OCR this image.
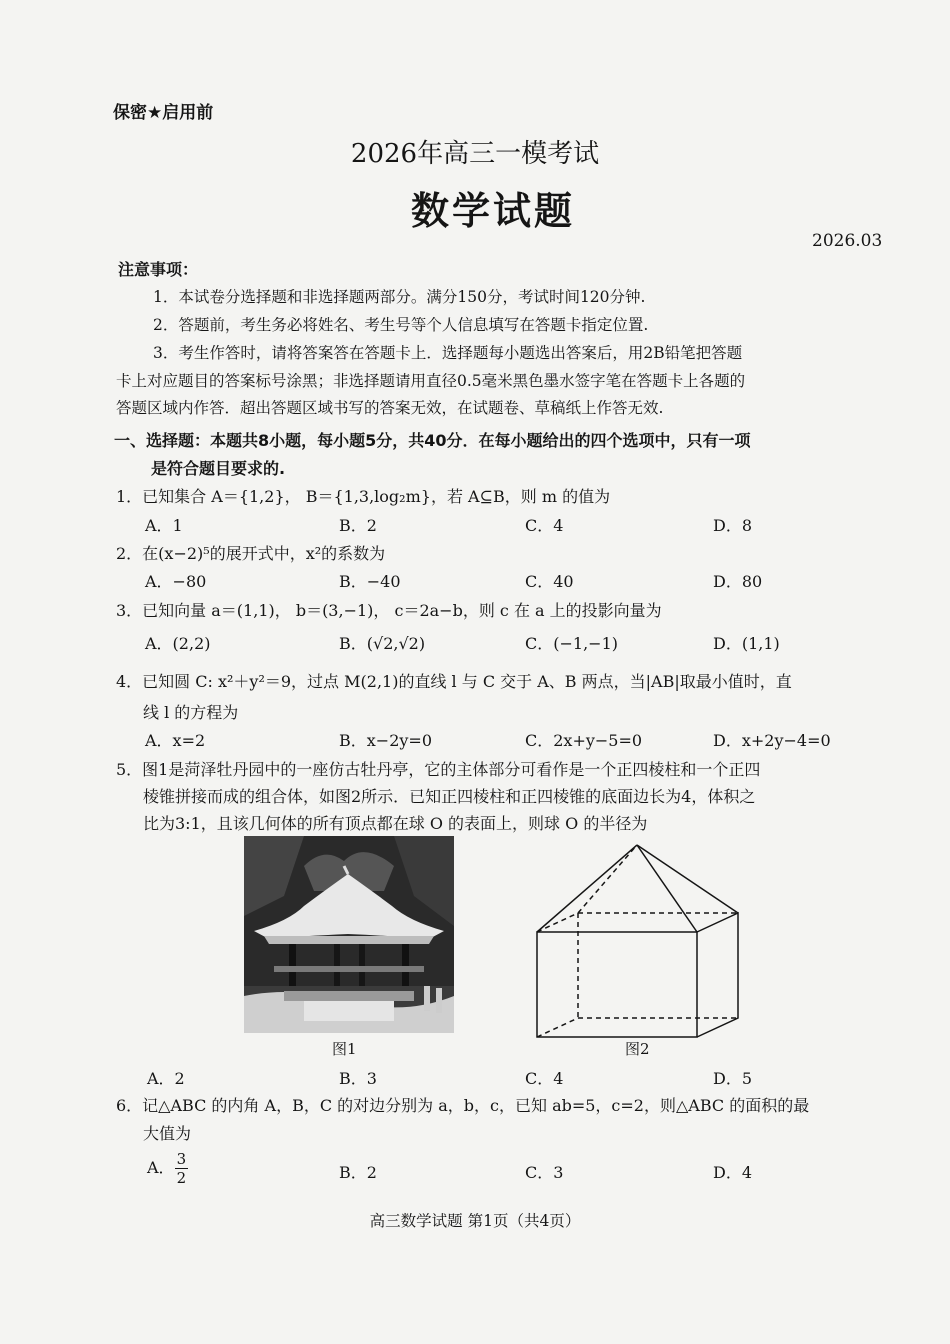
保密★启用前
2026年高三一模考试
数学试题
2026.03
注意事项：
1．本试卷分选择题和非选择题两部分。满分150分，考试时间120分钟.
2．答题前，考生务必将姓名、考生号等个人信息填写在答题卡指定位置.
3．考生作答时，请将答案答在答题卡上．选择题每小题选出答案后，用2B铅笔把答题
卡上对应题目的答案标号涂黑；非选择题请用直径0.5毫米黑色墨水签字笔在答题卡上各题的
答题区域内作答．超出答题区域书写的答案无效，在试题卷、草稿纸上作答无效.
一、选择题：本题共8小题，每小题5分，共40分．在每小题给出的四个选项中，只有一项
是符合题目要求的.
1．已知集合 A＝{1,2}， B＝{1,3,log₂m}，若 A⊆B，则 m 的值为
A．1	B．2	C．4	D．8
2．在(x−2)⁵的展开式中，x²的系数为
A．−80	B．−40	C．40	D．80
3．已知向量 a＝(1,1)， b＝(3,−1)， c＝2a−b，则 c 在 a 上的投影向量为
A．(2,2)	B．(√2,√2)	C．(−1,−1)	D．(1,1)
4．已知圆 C: x²＋y²＝9，过点 M(2,1)的直线 l 与 C 交于 A、B 两点，当|AB|取最小值时，直
线 l 的方程为
A．x=2	B．x−2y=0	C．2x+y−5=0	D．x+2y−4=0
5．图1是菏泽牡丹园中的一座仿古牡丹亭，它的主体部分可看作是一个正四棱柱和一个正四
棱锥拼接而成的组合体，如图2所示．已知正四棱柱和正四棱锥的底面边长为4，体积之
比为3:1，且该几何体的所有顶点都在球 O 的表面上，则球 O 的半径为
图1	图2
A．2	B．3	C．4	D．5
6．记△ABC 的内角 A，B，C 的对边分别为 a，b，c，已知 ab=5，c=2，则△ABC 的面积的最
大值为
A． $\frac{3}{2}$	B．2	C．3	D．4
高三数学试题 第1页（共4页）
